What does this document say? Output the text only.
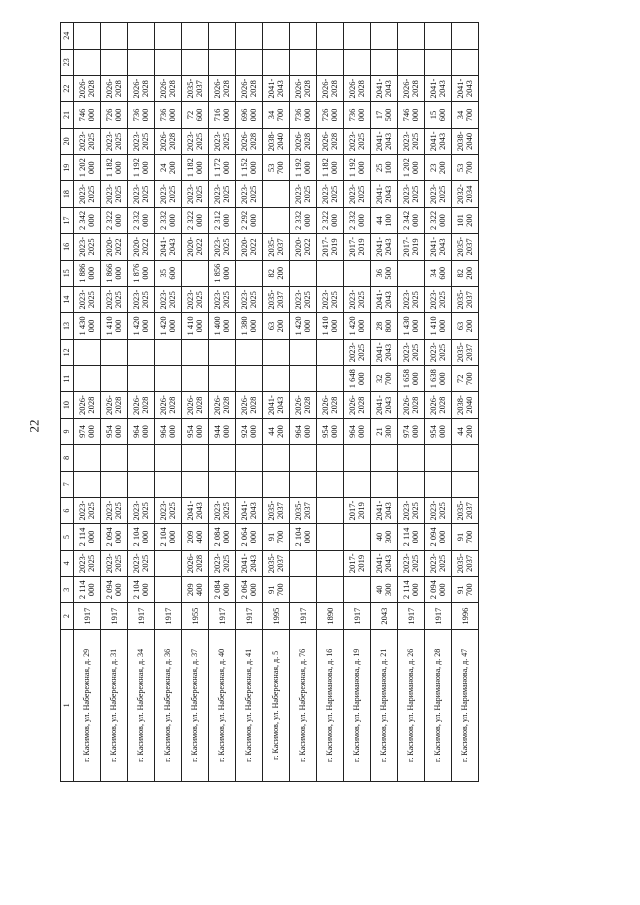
22
1	2	3	4	5	6	7	8	9	10	11	12	13	14	15	16	17	18	19	20	21	22	23	24
г. Касимов, ул. Набережная, д. 29	1917	2 114 000	2023-2025	2 114 000	2023-2025			974 000	2026-2028			1 430 000	2023-2025	1 886 000	2023-2025	2 342 000	2023-2025	1 202 000	2023-2025	746 000	2026-2028		
г. Касимов, ул. Набережная, д. 31	1917	2 094 000	2023-2025	2 094 000	2023-2025			954 000	2026-2028			1 410 000	2023-2025	1 866 000	2020-2022	2 322 000	2023-2025	1 182 000	2023-2025	726 000	2026-2028		
г. Касимов, ул. Набережная, д. 34	1917	2 104 000	2023-2025	2 104 000	2023-2025			964 000	2026-2028			1 420 000	2023-2025	1 876 000	2020-2022	2 332 000	2023-2025	1 192 000	2023-2025	736 000	2026-2028		
г. Касимов, ул. Набережная, д. 36	1917			2 104 000	2023-2025			964 000	2026-2028			1 420 000	2023-2025	35 600	2041-2043	2 332 000	2023-2025	24 200	2026-2028	736 000	2026-2028		
г. Касимов, ул. Набережная, д. 37	1955	209 400	2026-2028	209 400	2041-2043			954 000	2026-2028			1 410 000	2023-2025		2020-2022	2 322 000	2023-2025	1 182 000	2023-2025	72 600	2035-2037		
г. Касимов, ул. Набережная, д. 40	1917	2 084 000	2023-2025	2 084 000	2023-2025			944 000	2026-2028			1 400 000	2023-2025	1 856 000	2023-2025	2 312 000	2023-2025	1 172 000	2023-2025	716 000	2026-2028		
г. Касимов, ул. Набережная, д. 41	1917	2 064 000	2041-2043	2 064 000	2041-2043			924 000	2026-2028			1 380 000	2023-2025		2020-2022	2 292 000	2023-2025	1 152 000	2026-2028	696 000	2026-2028		
г. Касимов, ул. Набережная, д. 5	1995	91 700	2035-2037	91 700	2035-2037			44 200	2041-2043			63 200	2035-2037	82 200	2035-2037			53 700	2038-2040	34 700	2041-2043		
г. Касимов, ул. Набережная, д. 76	1917			2 104 000	2035-2037			964 000	2026-2028			1 420 000	2023-2025		2020-2022	2 332 000	2023-2025	1 192 000	2026-2028	736 000	2026-2028		
г. Касимов, ул. Нариманова, д. 16	1890							954 000	2026-2028			1 410 000	2023-2025		2017-2019	2 322 000	2023-2025	1 182 000	2026-2028	726 000	2026-2028		
г. Касимов, ул. Нариманова, д. 19	1917		2017-2019		2017-2019			964 000	2026-2028	1 648 000	2023-2025	1 420 000	2023-2025		2017-2019	2 332 000	2023-2025	1 192 000	2023-2025	736 000	2026-2028		
г. Касимов, ул. Нариманова, д. 21	2043	40 300	2041-2043	40 300	2041-2043			21 300	2041-2043	32 700	2041-2043	28 800	2041-2043	36 500	2041-2043	44 100	2041-2043	25 100	2041-2043	17 500	2041-2043		
г. Касимов, ул. Нариманова, д. 26	1917	2 114 000	2023-2025	2 114 000	2023-2025			974 000	2026-2028	1 658 000	2023-2025	1 430 000	2023-2025		2017-2019	2 342 000	2023-2025	1 202 000	2023-2025	746 000	2026-2028		
г. Касимов, ул. Нариманова, д. 28	1917	2 094 000	2023-2025	2 094 000	2023-2025			954 000	2026-2028	1 638 000	2023-2025	1 410 000	2023-2025	34 600	2041-2043	2 322 000	2023-2025	23 200	2041-2043	15 600	2041-2043		
г. Касимов, ул. Нариманова, д. 47	1996	91 700	2035-2037	91 700	2035-2037			44 200	2038-2040	72 700	2035-2037	63 200	2035-2037	82 200	2035-2037	101 200	2032-2034	53 700	2038-2040	34 700	2041-2043		
